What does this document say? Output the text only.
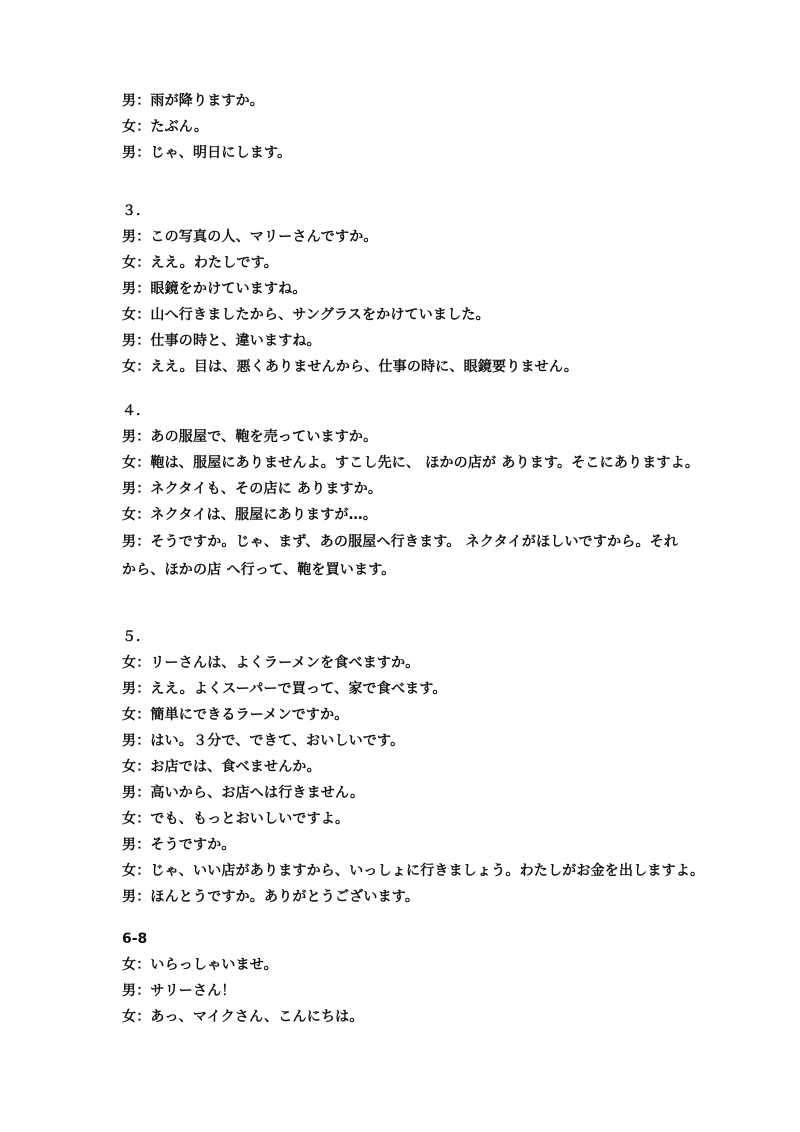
男：雨が降りますか。
女：たぶん。
男：じゃ、明日にします。
３．
男：この写真の人、マリーさんですか。
女：ええ。わたしです。
男：眼鏡をかけていますね。
女：山へ行きましたから、サングラスをかけていました。
男：仕事の時と、違いますね。
女：ええ。目は、悪くありませんから、仕事の時に、眼鏡要りません。
４．
男：あの服屋で、鞄を売っていますか。
女：鞄は、服屋にありませんよ。すこし先に、 ほかの店が あります。そこにありますよ。
男：ネクタイも、その店に ありますか。
女：ネクタイは、服屋にありますが…。
男：そうですか。じゃ、まず、あの服屋へ行きます。 ネクタイがほしいですから。それから、ほかの店 へ行って、鞄を買います。
５．
女：リーさんは、よくラーメンを食べますか。
男：ええ。よくスーパーで買って、家で食べます。
女：簡単にできるラーメンですか。
男：はい。３分で、できて、おいしいです。
女：お店では、食べませんか。
男：高いから、お店へは行きません。
女：でも、もっとおいしいですよ。
男：そうですか。
女：じゃ、いい店がありますから、いっしょに行きましょう。わたしがお金を出しますよ。
男：ほんとうですか。ありがとうございます。
6-8
女：いらっしゃいませ。
男：サリーさん！
女：あっ、マイクさん、こんにちは。
